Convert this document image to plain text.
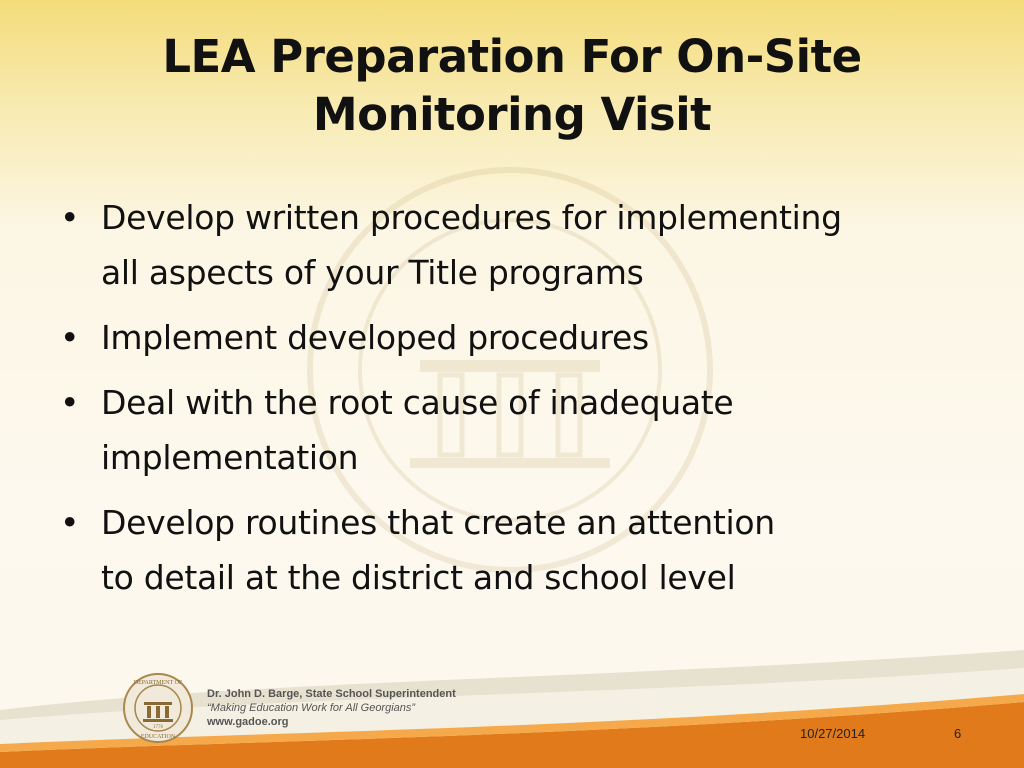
LEA Preparation For On-Site
Monitoring Visit
• Develop written procedures for implementing
all aspects of your Title programs
• Implement developed procedures
• Deal with the root cause of inadequate
implementation
• Develop routines that create an attention
to detail at the district and school level
DEPARTMENT OF
EDUCATION
1776
Dr. John D. Barge, State School Superintendent
“Making Education Work for All Georgians”
www.gadoe.org
10/27/2014	6
